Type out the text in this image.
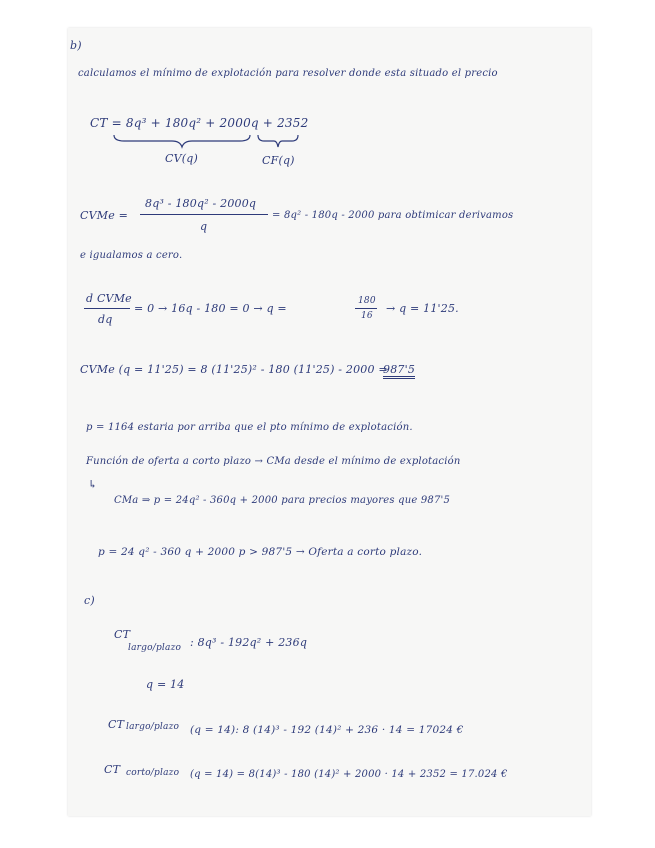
b)
calculamos el mínimo de explotación para resolver donde esta situado el precio
CT = 8q³ + 180q² + 2000q + 2352
CV(q)	CF(q)
CVMe =
8q³ - 180q² - 2000q
q
= 8q² - 180q - 2000 para obtimicar derivamos
e igualamos a cero.
d CVMe
dq
= 0 → 16q - 180 = 0 → q =
180
16
→ q = 11'25.
CVMe (q = 11'25) = 8 (11'25)² - 180 (11'25) - 2000 =
987'5
p = 1164 estaria por arriba que el pto mínimo de explotación.
Función de oferta a corto plazo → CMa desde el mínimo de explotación
↳
CMa ⇒ p = 24q² - 360q + 2000 para precios mayores que 987'5
p = 24 q² - 360 q + 2000 p > 987'5 → Oferta a corto plazo.
c)
CT
largo/plazo : 8q³ - 192q² + 236q
q = 14
CT largo/plazo (q = 14): 8 (14)³ - 192 (14)² + 236 · 14 = 17024 €
CT corto/plazo (q = 14) = 8(14)³ - 180 (14)² + 2000 · 14 + 2352 = 17.024 €
